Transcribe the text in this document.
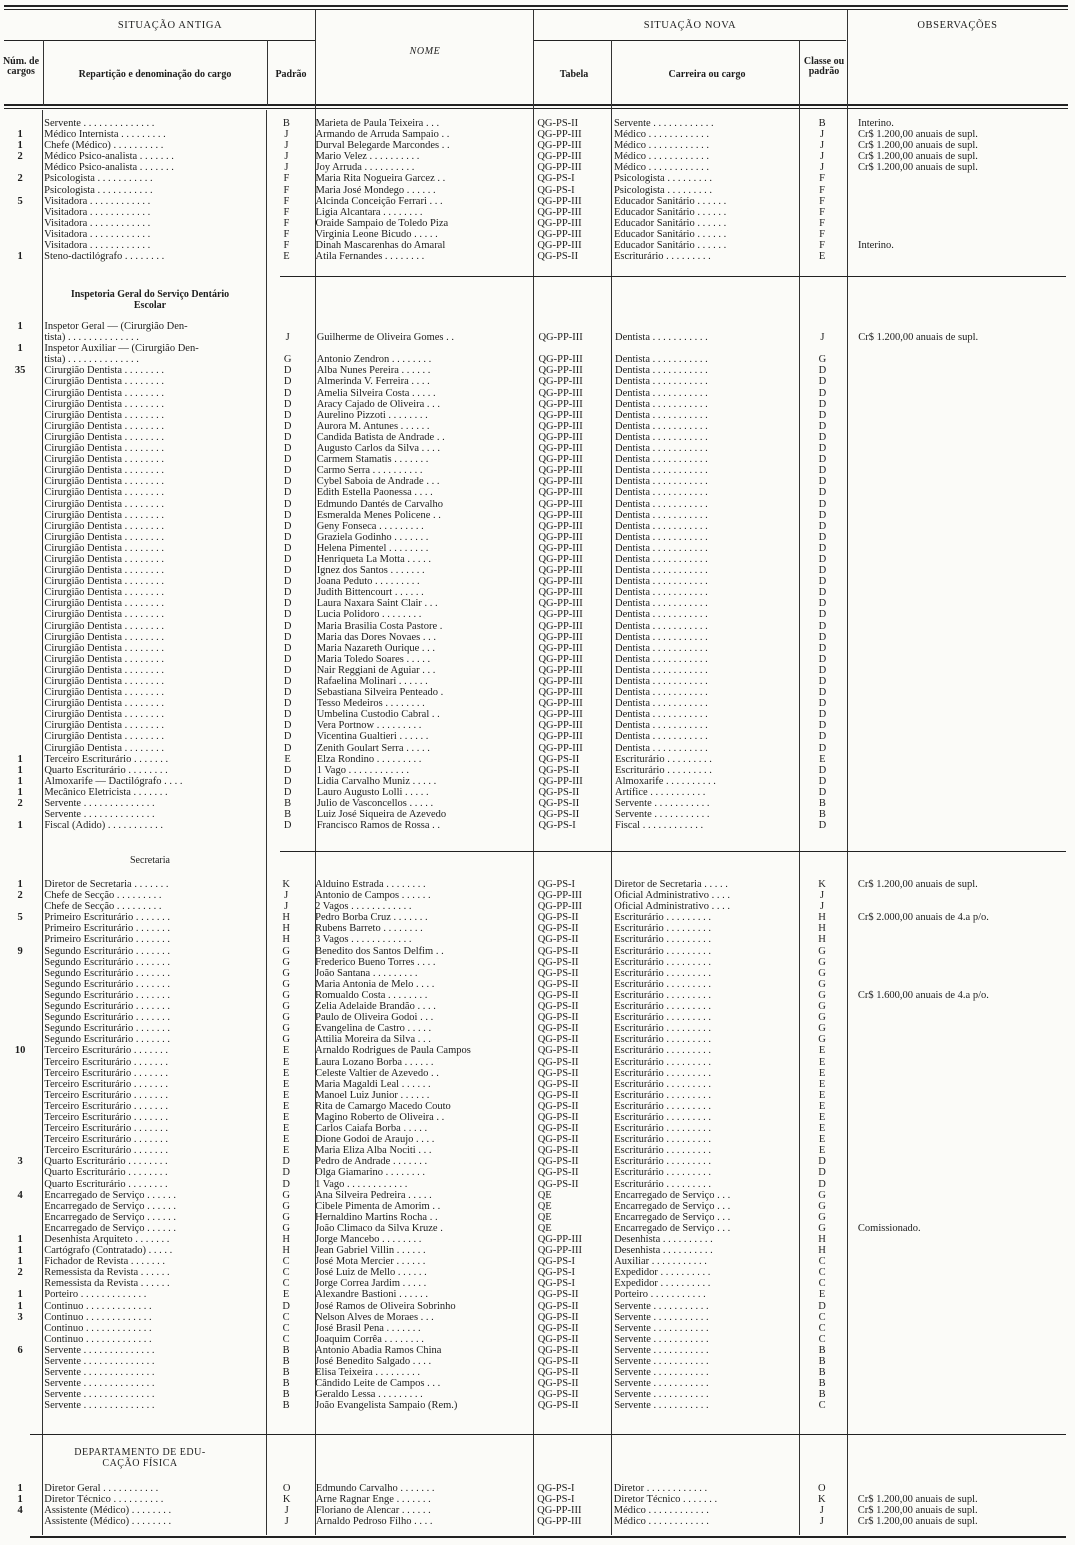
SITUAÇÃO ANTIGA
NOME
SITUAÇÃO NOVA	OBSERVAÇÕES
Núm. de cargos	Repartição e denominação do cargo	Padrão	Tabela	Carreira ou cargo
Classe ou padrão
	Servente . . . . . . . . . . . . . .	B	Marieta de Paula Teixeira . . .	QG-PS-II	Servente . . . . . . . . . . . .	B	Interino.
1	Médico Internista . . . . . . . . .	J	Armando de Arruda Sampaio . .	QG-PP-III	Médico . . . . . . . . . . . .	J	Cr$ 1.200,00 anuais de supl.
1	Chefe (Médico) . . . . . . . . . .	J	Durval Belegarde Marcondes . .	QG-PP-III	Médico . . . . . . . . . . . .	J	Cr$ 1.200,00 anuais de supl.
2	Médico Psico-analista . . . . . . .	J	Mario Velez . . . . . . . . . .	QG-PP-III	Médico . . . . . . . . . . . .	J	Cr$ 1.200,00 anuais de supl.
	Médico Psico-analista . . . . . . .	J	Joy Arruda . . . . . . . . . .	QG-PP-III	Médico . . . . . . . . . . . .	J	Cr$ 1.200,00 anuais de supl.
2	Psicologista . . . . . . . . . . .	F	Maria Rita Nogueira Garcez . .	QG-PS-I	Psicologista . . . . . . . . .	F	
	Psicologista . . . . . . . . . . .	F	Maria José Mondego . . . . . .	QG-PS-I	Psicologista . . . . . . . . .	F	
5	Visitadora . . . . . . . . . . . .	F	Alcinda Conceição Ferrari . . .	QG-PP-III	Educador Sanitário . . . . . .	F	
	Visitadora . . . . . . . . . . . .	F	Ligia Alcantara . . . . . . . .	QG-PP-III	Educador Sanitário . . . . . .	F	
	Visitadora . . . . . . . . . . . .	F	Oraide Sampaio de Toledo Piza	QG-PP-III	Educador Sanitário . . . . . .	F	
	Visitadora . . . . . . . . . . . .	F	Virginia Leone Bicudo . . . . .	QG-PP-III	Educador Sanitário . . . . . .	F	
	Visitadora . . . . . . . . . . . .	F	Dinah Mascarenhas do Amaral	QG-PP-III	Educador Sanitário . . . . . .	F	Interino.
1	Steno-dactilógrafo . . . . . . . .	E	Atila Fernandes . . . . . . . .	QG-PS-II	Escriturário . . . . . . . . .	E	
Inspetoria Geral do Serviço Dentário Escolar
1	Inspetor Geral — (Cirurgião Den-						
	tista) . . . . . . . . . . . . . .	J	Guilherme de Oliveira Gomes . .	QG-PP-III	Dentista . . . . . . . . . . .	J	Cr$ 1.200,00 anuais de supl.
1	Inspetor Auxiliar — (Cirurgião Den-						
	tista) . . . . . . . . . . . . . .	G	Antonio Zendron . . . . . . . .	QG-PP-III	Dentista . . . . . . . . . . .	G	
35	Cirurgião Dentista . . . . . . . .	D	Alba Nunes Pereira . . . . . .	QG-PP-III	Dentista . . . . . . . . . . .	D	
	Cirurgião Dentista . . . . . . . .	D	Almerinda V. Ferreira . . . .	QG-PP-III	Dentista . . . . . . . . . . .	D	
	Cirurgião Dentista . . . . . . . .	D	Amelia Silveira Costa . . . . .	QG-PP-III	Dentista . . . . . . . . . . .	D	
	Cirurgião Dentista . . . . . . . .	D	Aracy Cajado de Oliveira . . .	QG-PP-III	Dentista . . . . . . . . . . .	D	
	Cirurgião Dentista . . . . . . . .	D	Aurelino Pizzoti . . . . . . . .	QG-PP-III	Dentista . . . . . . . . . . .	D	
	Cirurgião Dentista . . . . . . . .	D	Aurora M. Antunes . . . . . .	QG-PP-III	Dentista . . . . . . . . . . .	D	
	Cirurgião Dentista . . . . . . . .	D	Candida Batista de Andrade . .	QG-PP-III	Dentista . . . . . . . . . . .	D	
	Cirurgião Dentista . . . . . . . .	D	Augusto Carlos da Silva . . . .	QG-PP-III	Dentista . . . . . . . . . . .	D	
	Cirurgião Dentista . . . . . . . .	D	Carmem Stamatis . . . . . . .	QG-PP-III	Dentista . . . . . . . . . . .	D	
	Cirurgião Dentista . . . . . . . .	D	Carmo Serra . . . . . . . . . .	QG-PP-III	Dentista . . . . . . . . . . .	D	
	Cirurgião Dentista . . . . . . . .	D	Cybel Saboia de Andrade . . .	QG-PP-III	Dentista . . . . . . . . . . .	D	
	Cirurgião Dentista . . . . . . . .	D	Edith Estella Paonessa . . . .	QG-PP-III	Dentista . . . . . . . . . . .	D	
	Cirurgião Dentista . . . . . . . .	D	Edmundo Dantés de Carvalho	QG-PP-III	Dentista . . . . . . . . . . .	D	
	Cirurgião Dentista . . . . . . . .	D	Esmeralda Menes Policene . .	QG-PP-III	Dentista . . . . . . . . . . .	D	
	Cirurgião Dentista . . . . . . . .	D	Geny Fonseca . . . . . . . . .	QG-PP-III	Dentista . . . . . . . . . . .	D	
	Cirurgião Dentista . . . . . . . .	D	Graziela Godinho . . . . . . .	QG-PP-III	Dentista . . . . . . . . . . .	D	
	Cirurgião Dentista . . . . . . . .	D	Helena Pimentel . . . . . . . .	QG-PP-III	Dentista . . . . . . . . . . .	D	
	Cirurgião Dentista . . . . . . . .	D	Henriqueta La Motta . . . . .	QG-PP-III	Dentista . . . . . . . . . . .	D	
	Cirurgião Dentista . . . . . . . .	D	Ignez dos Santos . . . . . . .	QG-PP-III	Dentista . . . . . . . . . . .	D	
	Cirurgião Dentista . . . . . . . .	D	Joana Peduto . . . . . . . . .	QG-PP-III	Dentista . . . . . . . . . . .	D	
	Cirurgião Dentista . . . . . . . .	D	Judith Bittencourt . . . . . .	QG-PP-III	Dentista . . . . . . . . . . .	D	
	Cirurgião Dentista . . . . . . . .	D	Laura Naxara Saint Clair . . .	QG-PP-III	Dentista . . . . . . . . . . .	D	
	Cirurgião Dentista . . . . . . . .	D	Lucia Polidoro . . . . . . . .	QG-PP-III	Dentista . . . . . . . . . . .	D	
	Cirurgião Dentista . . . . . . . .	D	Maria Brasilia Costa Pastore .	QG-PP-III	Dentista . . . . . . . . . . .	D	
	Cirurgião Dentista . . . . . . . .	D	Maria das Dores Novaes . . .	QG-PP-III	Dentista . . . . . . . . . . .	D	
	Cirurgião Dentista . . . . . . . .	D	Maria Nazareth Ourique . . .	QG-PP-III	Dentista . . . . . . . . . . .	D	
	Cirurgião Dentista . . . . . . . .	D	Maria Toledo Soares . . . . .	QG-PP-III	Dentista . . . . . . . . . . .	D	
	Cirurgião Dentista . . . . . . . .	D	Nair Reggiani de Aguiar . . .	QG-PP-III	Dentista . . . . . . . . . . .	D	
	Cirurgião Dentista . . . . . . . .	D	Rafaelina Molinari . . . . . .	QG-PP-III	Dentista . . . . . . . . . . .	D	
	Cirurgião Dentista . . . . . . . .	D	Sebastiana Silveira Penteado .	QG-PP-III	Dentista . . . . . . . . . . .	D	
	Cirurgião Dentista . . . . . . . .	D	Tesso Medeiros . . . . . . . .	QG-PP-III	Dentista . . . . . . . . . . .	D	
	Cirurgião Dentista . . . . . . . .	D	Umbelina Custodio Cabral . .	QG-PP-III	Dentista . . . . . . . . . . .	D	
	Cirurgião Dentista . . . . . . . .	D	Vera Portnow . . . . . . . . .	QG-PP-III	Dentista . . . . . . . . . . .	D	
	Cirurgião Dentista . . . . . . . .	D	Vicentina Gualtieri . . . . . .	QG-PP-III	Dentista . . . . . . . . . . .	D	
	Cirurgião Dentista . . . . . . . .	D	Zenith Goulart Serra . . . . .	QG-PP-III	Dentista . . . . . . . . . . .	D	
1	Terceiro Escriturário . . . . . . .	E	Elza Rondino . . . . . . . . .	QG-PS-II	Escriturário . . . . . . . . .	E	
1	Quarto Escriturário . . . . . . . .	D	1 Vago . . . . . . . . . . . .	QG-PS-II	Escriturário . . . . . . . . .	D	
1	Almoxarife — Dactilógrafo . . . .	D	Lidia Carvalho Muniz . . . . .	QG-PP-III	Almoxarife . . . . . . . . . .	D	
1	Mecânico Eletricista . . . . . . .	D	Lauro Augusto Lolli . . . . .	QG-PS-II	Artífice . . . . . . . . . . .	D	
2	Servente . . . . . . . . . . . . . .	B	Julio de Vasconcellos . . . . .	QG-PS-II	Servente . . . . . . . . . . .	B	
	Servente . . . . . . . . . . . . . .	B	Luiz José Siqueira de Azevedo	QG-PS-II	Servente . . . . . . . . . . .	B	
1	Fiscal (Adido) . . . . . . . . . . .	D	Francisco Ramos de Rossa . .	QG-PS-I	Fiscal . . . . . . . . . . . .	D	
Secretaria
1	Diretor de Secretaria . . . . . . .	K	Alduino Estrada . . . . . . . .	QG-PS-I	Diretor de Secretaria . . . . .	K	Cr$ 1.200,00 anuais de supl.
2	Chefe de Secção . . . . . . . . .	J	Antonio de Campos . . . . . .	QG-PP-III	Oficial Administrativo . . . .	J	
	Chefe de Secção . . . . . . . . .	J	2 Vagos . . . . . . . . . . . .	QG-PP-III	Oficial Administrativo . . . .	J	
5	Primeiro Escriturário . . . . . . .	H	Pedro Borba Cruz . . . . . . .	QG-PS-II	Escriturário . . . . . . . . .	H	Cr$ 2.000,00 anuais de 4.a p/o.
	Primeiro Escriturário . . . . . . .	H	Rubens Barreto . . . . . . . .	QG-PS-II	Escriturário . . . . . . . . .	H	
	Primeiro Escriturário . . . . . . .	H	3 Vagos . . . . . . . . . . . .	QG-PS-II	Escriturário . . . . . . . . .	H	
9	Segundo Escriturário . . . . . . .	G	Benedito dos Santos Delfim . .	QG-PS-II	Escriturário . . . . . . . . .	G	
	Segundo Escriturário . . . . . . .	G	Frederico Bueno Torres . . . .	QG-PS-II	Escriturário . . . . . . . . .	G	
	Segundo Escriturário . . . . . . .	G	João Santana . . . . . . . . .	QG-PS-II	Escriturário . . . . . . . . .	G	
	Segundo Escriturário . . . . . . .	G	Maria Antonia de Melo . . . .	QG-PS-II	Escriturário . . . . . . . . .	G	
	Segundo Escriturário . . . . . . .	G	Romualdo Costa . . . . . . . .	QG-PS-II	Escriturário . . . . . . . . .	G	Cr$ 1.600,00 anuais de 4.a p/o.
	Segundo Escriturário . . . . . . .	G	Zelia Adelaide Brandão . . . .	QG-PS-II	Escriturário . . . . . . . . .	G	
	Segundo Escriturário . . . . . . .	G	Paulo de Oliveira Godoi . . .	QG-PS-II	Escriturário . . . . . . . . .	G	
	Segundo Escriturário . . . . . . .	G	Evangelina de Castro . . . . .	QG-PS-II	Escriturário . . . . . . . . .	G	
	Segundo Escriturário . . . . . . .	G	Attilia Moreira da Silva . . .	QG-PS-II	Escriturário . . . . . . . . .	G	
10	Terceiro Escriturário . . . . . . .	E	Arnaldo Rodrigues de Paula Campos	QG-PS-II	Escriturário . . . . . . . . .	E	
	Terceiro Escriturário . . . . . . .	E	Laura Lozano Borba . . . . . .	QG-PS-II	Escriturário . . . . . . . . .	E	
	Terceiro Escriturário . . . . . . .	E	Celeste Valtier de Azevedo . .	QG-PS-II	Escriturário . . . . . . . . .	E	
	Terceiro Escriturário . . . . . . .	E	Maria Magaldi Leal . . . . . .	QG-PS-II	Escriturário . . . . . . . . .	E	
	Terceiro Escriturário . . . . . . .	E	Manoel Luiz Junior . . . . . .	QG-PS-II	Escriturário . . . . . . . . .	E	
	Terceiro Escriturário . . . . . . .	E	Rita de Camargo Macedo Couto	QG-PS-II	Escriturário . . . . . . . . .	E	
	Terceiro Escriturário . . . . . . .	E	Magino Roberto de Oliveira . .	QG-PS-II	Escriturário . . . . . . . . .	E	
	Terceiro Escriturário . . . . . . .	E	Carlos Caiafa Borba . . . . .	QG-PS-II	Escriturário . . . . . . . . .	E	
	Terceiro Escriturário . . . . . . .	E	Dione Godoi de Araujo . . . .	QG-PS-II	Escriturário . . . . . . . . .	E	
	Terceiro Escriturário . . . . . . .	E	Maria Eliza Alba Nociti . . .	QG-PS-II	Escriturário . . . . . . . . .	E	
3	Quarto Escriturário . . . . . . . .	D	Pedro de Andrade . . . . . . .	QG-PS-II	Escriturário . . . . . . . . .	D	
	Quarto Escriturário . . . . . . . .	D	Olga Giamarino . . . . . . . .	QG-PS-II	Escriturário . . . . . . . . .	D	
	Quarto Escriturário . . . . . . . .	D	1 Vago . . . . . . . . . . . .	QG-PS-II	Escriturário . . . . . . . . .	D	
4	Encarregado de Serviço . . . . . .	G	Ana Silveira Pedreira . . . . .	QE	Encarregado de Serviço . . .	G	
	Encarregado de Serviço . . . . . .	G	Cibele Pimenta de Amorim . .	QE	Encarregado de Serviço . . .	G	
	Encarregado de Serviço . . . . . .	G	Hernaldino Martins Rocha . .	QE	Encarregado de Serviço . . .	G	
	Encarregado de Serviço . . . . . .	G	João Climaco da Silva Kruze .	QE	Encarregado de Serviço . . .	G	Comissionado.
1	Desenhista Arquiteto . . . . . . .	H	Jorge Mancebo . . . . . . . .	QG-PP-III	Desenhista . . . . . . . . . .	H	
1	Cartógrafo (Contratado) . . . . .	H	Jean Gabriel Villin . . . . . .	QG-PP-III	Desenhista . . . . . . . . . .	H	
1	Fichador de Revista . . . . . . .	C	José Mota Mercier . . . . . .	QG-PS-I	Auxiliar . . . . . . . . . . .	C	
2	Remessista da Revista . . . . . .	C	José Luiz de Mello . . . . . .	QG-PS-I	Expedidor . . . . . . . . . .	C	
	Remessista da Revista . . . . . .	C	Jorge Correa Jardim . . . . .	QG-PS-I	Expedidor . . . . . . . . . .	C	
1	Porteiro . . . . . . . . . . . . .	E	Alexandre Bastioni . . . . . .	QG-PS-II	Porteiro . . . . . . . . . . .	E	
1	Continuo . . . . . . . . . . . . .	D	José Ramos de Oliveira Sobrinho	QG-PS-II	Servente . . . . . . . . . . .	D	
3	Continuo . . . . . . . . . . . . .	C	Nelson Alves de Moraes . . .	QG-PS-II	Servente . . . . . . . . . . .	C	
	Continuo . . . . . . . . . . . . .	C	José Brasil Pena . . . . . . .	QG-PS-II	Servente . . . . . . . . . . .	C	
	Continuo . . . . . . . . . . . . .	C	Joaquim Corrêa . . . . . . . .	QG-PS-II	Servente . . . . . . . . . . .	C	
6	Servente . . . . . . . . . . . . . .	B	Antonio Abadia Ramos China	QG-PS-II	Servente . . . . . . . . . . .	B	
	Servente . . . . . . . . . . . . . .	B	José Benedito Salgado . . . .	QG-PS-II	Servente . . . . . . . . . . .	B	
	Servente . . . . . . . . . . . . . .	B	Elisa Teixeira . . . . . . . . .	QG-PS-II	Servente . . . . . . . . . . .	B	
	Servente . . . . . . . . . . . . . .	B	Cândido Leite de Campos . . .	QG-PS-II	Servente . . . . . . . . . . .	B	
	Servente . . . . . . . . . . . . . .	B	Geraldo Lessa . . . . . . . . .	QG-PS-II	Servente . . . . . . . . . . .	B	
	Servente . . . . . . . . . . . . . .	B	João Evangelista Sampaio (Rem.)	QG-PS-II	Servente . . . . . . . . . . .	C	
DEPARTAMENTO DE EDU-CAÇÃO FÍSICA
1	Diretor Geral . . . . . . . . . . .	O	Edmundo Carvalho . . . . . . .	QG-PS-I	Diretor . . . . . . . . . . . .	O	
1	Diretor Técnico . . . . . . . . . .	K	Arne Ragnar Enge . . . . . . .	QG-PS-I	Diretor Técnico . . . . . . .	K	Cr$ 1.200,00 anuais de supl.
4	Assistente (Médico) . . . . . . . .	J	Floriano de Alencar . . . . . .	QG-PP-III	Médico . . . . . . . . . . . .	J	Cr$ 1.200,00 anuais de supl.
	Assistente (Médico) . . . . . . . .	J	Arnaldo Pedroso Filho . . . .	QG-PP-III	Médico . . . . . . . . . . . .	J	Cr$ 1.200,00 anuais de supl.
